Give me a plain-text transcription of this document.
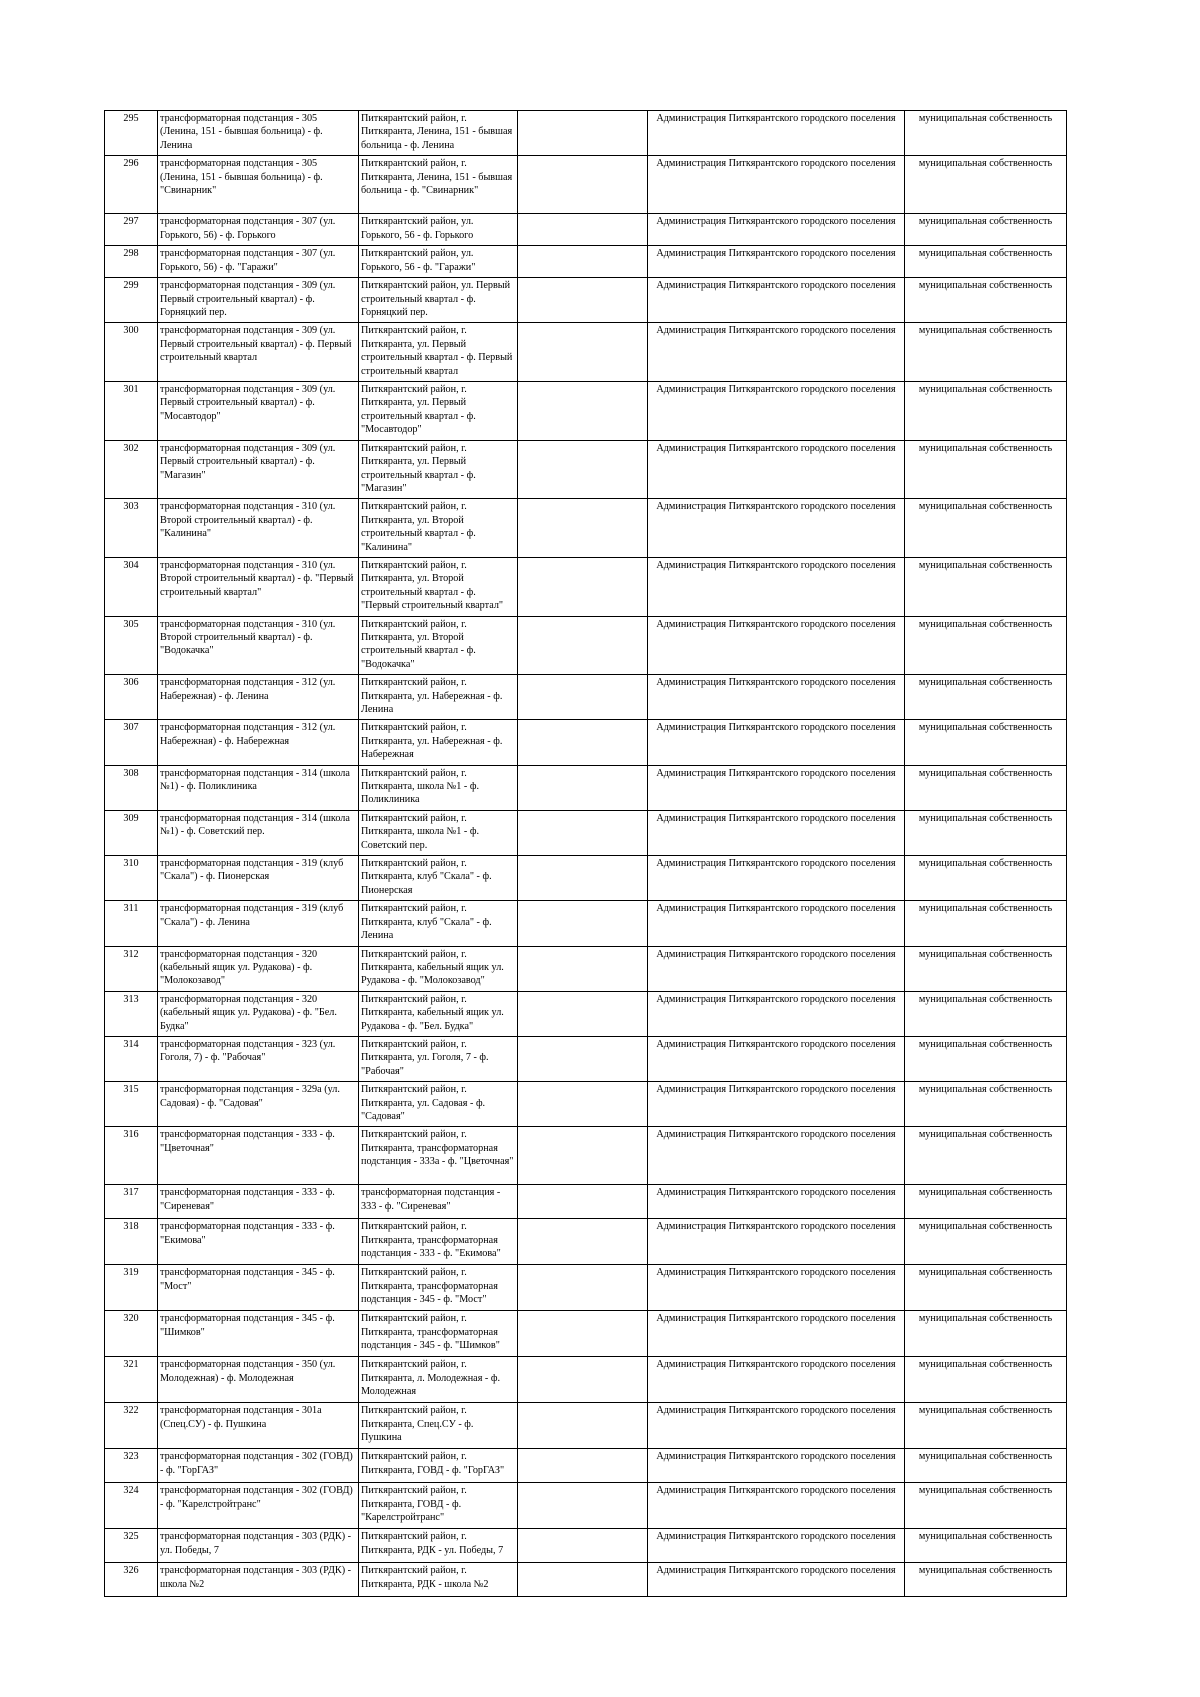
295	трансформаторная подстанция - 305 (Ленина, 151 - бывшая больница) - ф. Ленина	Питкярантский район, г. Питкяранта, Ленина, 151 - бывшая больница - ф. Ленина		Администрация Питкярантского городского поселения	муниципальная собственность
296	трансформаторная подстанция - 305 (Ленина, 151 - бывшая больница) - ф. "Свинарник"	Питкярантский район, г. Питкяранта, Ленина, 151 - бывшая больница - ф. "Свинарник"		Администрация Питкярантского городского поселения	муниципальная собственность
297	трансформаторная подстанция - 307 (ул. Горького, 56) - ф. Горького	Питкярантский район, ул. Горького, 56 - ф. Горького		Администрация Питкярантского городского поселения	муниципальная собственность
298	трансформаторная подстанция - 307 (ул. Горького, 56) - ф. "Гаражи"	Питкярантский район, ул. Горького, 56 - ф. "Гаражи"		Администрация Питкярантского городского поселения	муниципальная собственность
299	трансформаторная подстанция - 309 (ул. Первый строительный квартал) - ф. Горняцкий пер.	Питкярантский район, ул. Первый строительный квартал - ф. Горняцкий пер.		Администрация Питкярантского городского поселения	муниципальная собственность
300	трансформаторная подстанция - 309 (ул. Первый строительный квартал) - ф. Первый строительный квартал	Питкярантский район, г. Питкяранта, ул. Первый строительный квартал - ф. Первый строительный квартал		Администрация Питкярантского городского поселения	муниципальная собственность
301	трансформаторная подстанция - 309 (ул. Первый строительный квартал) - ф. "Мосавтодор"	Питкярантский район, г. Питкяранта, ул. Первый строительный квартал - ф. "Мосавтодор"		Администрация Питкярантского городского поселения	муниципальная собственность
302	трансформаторная подстанция - 309 (ул. Первый строительный квартал) - ф. "Магазин"	Питкярантский район, г. Питкяранта, ул. Первый строительный квартал - ф. "Магазин"		Администрация Питкярантского городского поселения	муниципальная собственность
303	трансформаторная подстанция - 310 (ул. Второй строительный квартал) - ф. "Калинина"	Питкярантский район, г. Питкяранта, ул. Второй строительный квартал - ф. "Калинина"		Администрация Питкярантского городского поселения	муниципальная собственность
304	трансформаторная подстанция - 310 (ул. Второй строительный квартал) - ф. "Первый строительный квартал"	Питкярантский район, г. Питкяранта, ул. Второй строительный квартал - ф. "Первый строительный квартал"		Администрация Питкярантского городского поселения	муниципальная собственность
305	трансформаторная подстанция - 310 (ул. Второй строительный квартал) - ф. "Водокачка"	Питкярантский район, г. Питкяранта, ул. Второй строительный квартал - ф. "Водокачка"		Администрация Питкярантского городского поселения	муниципальная собственность
306	трансформаторная подстанция - 312 (ул. Набережная) - ф. Ленина	Питкярантский район, г. Питкяранта, ул. Набережная - ф. Ленина		Администрация Питкярантского городского поселения	муниципальная собственность
307	трансформаторная подстанция - 312 (ул. Набережная) - ф. Набережная	Питкярантский район, г. Питкяранта, ул. Набережная - ф. Набережная		Администрация Питкярантского городского поселения	муниципальная собственность
308	трансформаторная подстанция - 314 (школа №1) - ф. Поликлиника	Питкярантский район, г. Питкяранта, школа №1 - ф. Поликлиника		Администрация Питкярантского городского поселения	муниципальная собственность
309	трансформаторная подстанция - 314 (школа №1) - ф. Советский пер.	Питкярантский район, г. Питкяранта, школа №1 - ф. Советский пер.		Администрация Питкярантского городского поселения	муниципальная собственность
310	трансформаторная подстанция - 319 (клуб "Скала") - ф. Пионерская	Питкярантский район, г. Питкяранта, клуб "Скала" - ф. Пионерская		Администрация Питкярантского городского поселения	муниципальная собственность
311	трансформаторная подстанция - 319 (клуб "Скала") - ф. Ленина	Питкярантский район, г. Питкяранта, клуб "Скала" - ф. Ленина		Администрация Питкярантского городского поселения	муниципальная собственность
312	трансформаторная подстанция - 320 (кабельный ящик ул. Рудакова) - ф. "Молокозавод"	Питкярантский район, г. Питкяранта, кабельный ящик ул. Рудакова - ф. "Молокозавод"		Администрация Питкярантского городского поселения	муниципальная собственность
313	трансформаторная подстанция - 320 (кабельный ящик ул. Рудакова) - ф. "Бел. Будка"	Питкярантский район, г. Питкяранта, кабельный ящик ул. Рудакова - ф. "Бел. Будка"		Администрация Питкярантского городского поселения	муниципальная собственность
314	трансформаторная подстанция - 323 (ул. Гоголя, 7) - ф. "Рабочая"	Питкярантский район, г. Питкяранта, ул. Гоголя, 7 - ф. "Рабочая"		Администрация Питкярантского городского поселения	муниципальная собственность
315	трансформаторная подстанция - 329а (ул. Садовая) - ф. "Садовая"	Питкярантский район, г. Питкяранта, ул. Садовая - ф. "Садовая"		Администрация Питкярантского городского поселения	муниципальная собственность
316	трансформаторная подстанция - 333 - ф. "Цветочная"	Питкярантский район, г. Питкяранта, трансформаторная подстанция - 333а - ф. "Цветочная"		Администрация Питкярантского городского поселения	муниципальная собственность
317	трансформаторная подстанция - 333 - ф. "Сиреневая"	трансформаторная подстанция - 333 - ф. "Сиреневая"		Администрация Питкярантского городского поселения	муниципальная собственность
318	трансформаторная подстанция - 333 - ф. "Екимова"	Питкярантский район, г. Питкяранта, трансформаторная подстанция - 333 - ф. "Екимова"		Администрация Питкярантского городского поселения	муниципальная собственность
319	трансформаторная подстанция - 345 - ф. "Мост"	Питкярантский район, г. Питкяранта, трансформаторная подстанция - 345 - ф. "Мост"		Администрация Питкярантского городского поселения	муниципальная собственность
320	трансформаторная подстанция - 345 - ф. "Шимков"	Питкярантский район, г. Питкяранта, трансформаторная подстанция - 345 - ф. "Шимков"		Администрация Питкярантского городского поселения	муниципальная собственность
321	трансформаторная подстанция - 350 (ул. Молодежная) - ф. Молодежная	Питкярантский район, г. Питкяранта, л. Молодежная - ф. Молодежная		Администрация Питкярантского городского поселения	муниципальная собственность
322	трансформаторная подстанция - 301а (Спец.СУ) - ф. Пушкина	Питкярантский район, г. Питкяранта, Спец.СУ - ф. Пушкина		Администрация Питкярантского городского поселения	муниципальная собственность
323	трансформаторная подстанция - 302 (ГОВД) - ф. "ГорГАЗ"	Питкярантский район, г. Питкяранта, ГОВД - ф. "ГорГАЗ"		Администрация Питкярантского городского поселения	муниципальная собственность
324	трансформаторная подстанция - 302 (ГОВД) - ф. "Карелстройтранс"	Питкярантский район, г. Питкяранта, ГОВД - ф. "Карелстройтранс"		Администрация Питкярантского городского поселения	муниципальная собственность
325	трансформаторная подстанция - 303 (РДК) - ул. Победы, 7	Питкярантский район, г. Питкяранта, РДК - ул. Победы, 7		Администрация Питкярантского городского поселения	муниципальная собственность
326	трансформаторная подстанция - 303 (РДК) - школа №2	Питкярантский район, г. Питкяранта, РДК - школа №2		Администрация Питкярантского городского поселения	муниципальная собственность
